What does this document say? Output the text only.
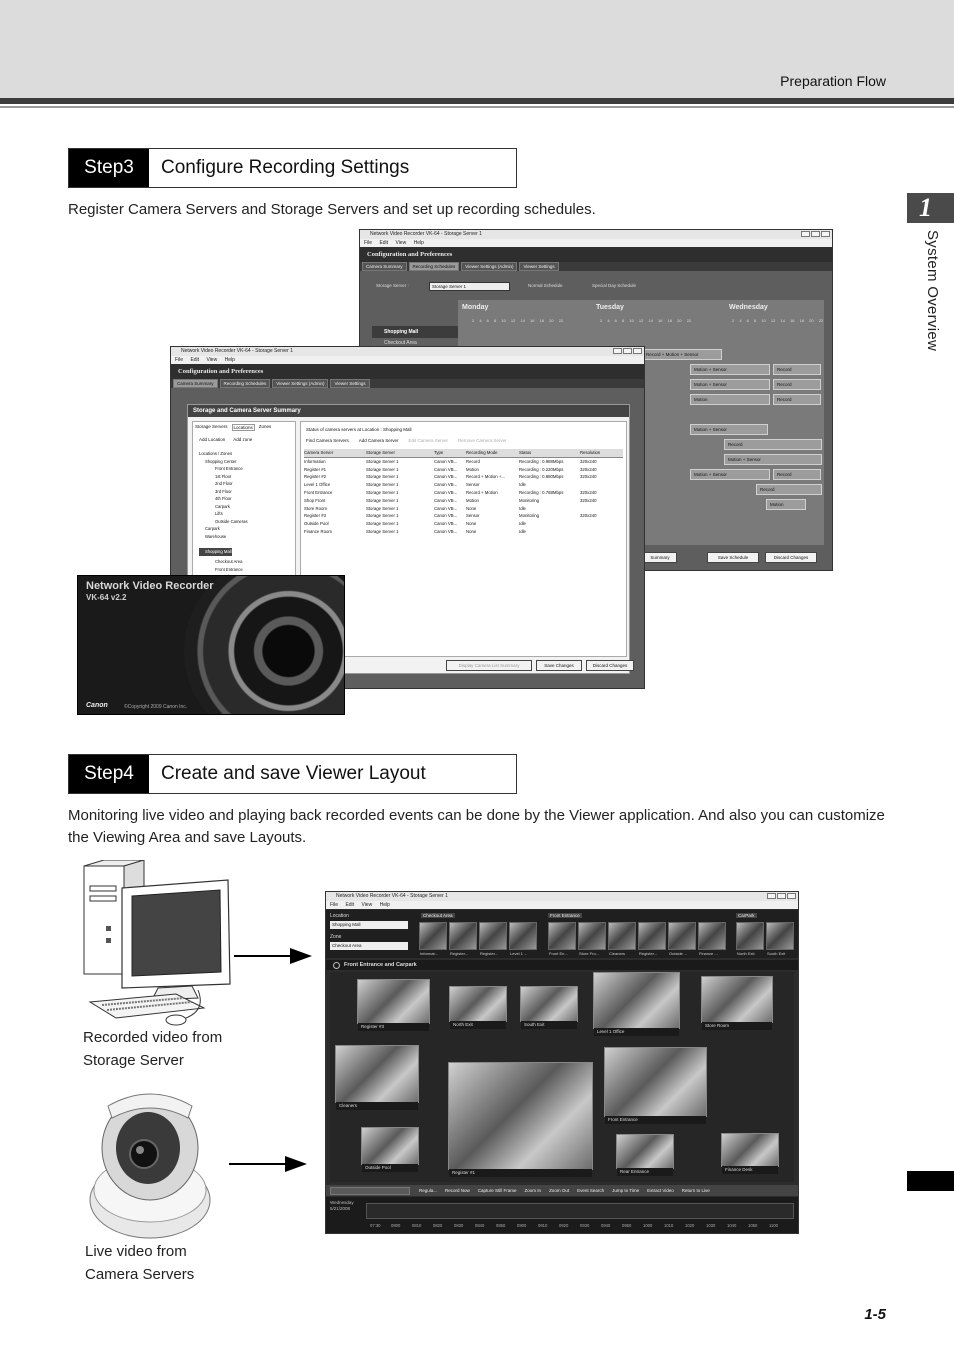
Preparation Flow
1
System Overview
Step3	Configure Recording Settings
Register Camera Servers and Storage Servers and set up recording schedules.
Network Video Recorder VK-64 - Storage Server 1
File Edit View Help
Configuration and Preferences
Camera Summary	Recording Schedules	Viewer Settings (Admin)	Viewer Settings
Storage Server :	Storage Server 1	Normal Schedule	Special Day Schedule
Monday	Tuesday	Wednesday
2 4 6 8 10 12 14 16 18 20 22	2 4 6 8 10 12 14 16 18 20 22	2 4 6 8 10 12 14 16 18 20 22
Shopping Mall
Checkout Area
Record + Motion + Sensor
Motion + Sensor	Record
Motion + Sensor	Record
Motion	Record
Motion + Sensor
Record
Motion + Sensor
Motion + Sensor	Record
Record
Motion
Summary	Save Schedule	Discard Changes
Network Video Recorder VK-64 - Storage Server 1
File Edit View Help
Configuration and Preferences
Camera Summary	Recording Schedules	Viewer Settings (Admin)	Viewer Settings
Storage and Camera Server Summary
Storage Servers	Locations	Zones
Add Location Add zone
Locations / Zones
Shopping Center
Front Entrance
1st Floor
2nd Floor
3rd Floor
4th Floor
Carpark
Lifts
Outside Cameras
Carpark
Warehouse
Shopping Mall
Checkout Area
Front Entrance
Status of camera servers at Location : Shopping Mall
Find Camera Servers Add Camera Server Edit Camera Server Remove Camera Server
Camera Server	Storage Server	Type	Recording Mode	Status	Resolution
Information	Storage Server 1	Canon VB...	Record	Recording : 0.988Mbps	320x240
Register #1	Storage Server 1	Canon VB...	Motion	Recording : 0.220Mbps	320x240
Register #2	Storage Server 1	Canon VB...	Record + Motion +...	Recording : 0.880Mbps	320x240
Level 1 Office	Storage Server 1	Canon VB...	Sensor	Idle
Front Entrance	Storage Server 1	Canon VB...	Record + Motion	Recording : 0.768Mbps	320x240
Shop Front	Storage Server 1	Canon VB...	Motion	Monitoring	320x240
Store Room	Storage Server 1	Canon VB...	None	Idle
Register #3	Storage Server 1	Canon VB...	Sensor	Monitoring	320x240
Outside Pool	Storage Server 1	Canon VB...	None	Idle
Finance Room	Storage Server 1	Canon VB...	None	Idle
Display Camera List Summary	Save Changes	Discard Changes
Network Video Recorder
VK-64 v2.2
Canon	©Copyright 2009 Canon Inc.
Step4	Create and save Viewer Layout
Monitoring live video and playing back recorded events can be done by the Viewer application. And also you can customize the Viewing Area and save Layouts.
Recorded video from
Storage Server
Live video from
Camera Servers
Network Video Recorder VK-64 - Storage Server 1
File Edit View Help
Location
Shopping Mall
Zone
Checkout Area
Checkout Area	Front Entrance	CarPark
Informat...	Register...	Register...	Level 1 ...	Front En...	Store Fro...	Cleaners	Register...	Outside ...	Finance ...	North Exit	South Exit
Front Entrance and Carpark
Register #3	North Exit	South Exit
Level 1 Office
Store Room
Cleaners
Register #1
Front Entrance
Outside Pool
Rear Entrance	Finance Desk
Regula...	Record Now	Capture Still Frame	Zoom In	Zoom Out	Event Search	Jump to Time	Extract Video	Return to Live
Wednesday
5/21/2008
07:30	0800	0810	0820	0830	0840	0850	0900	0910	0920	0930	0940	0950	1000	1010	1020	1030	1040	1050	1100
1-5
